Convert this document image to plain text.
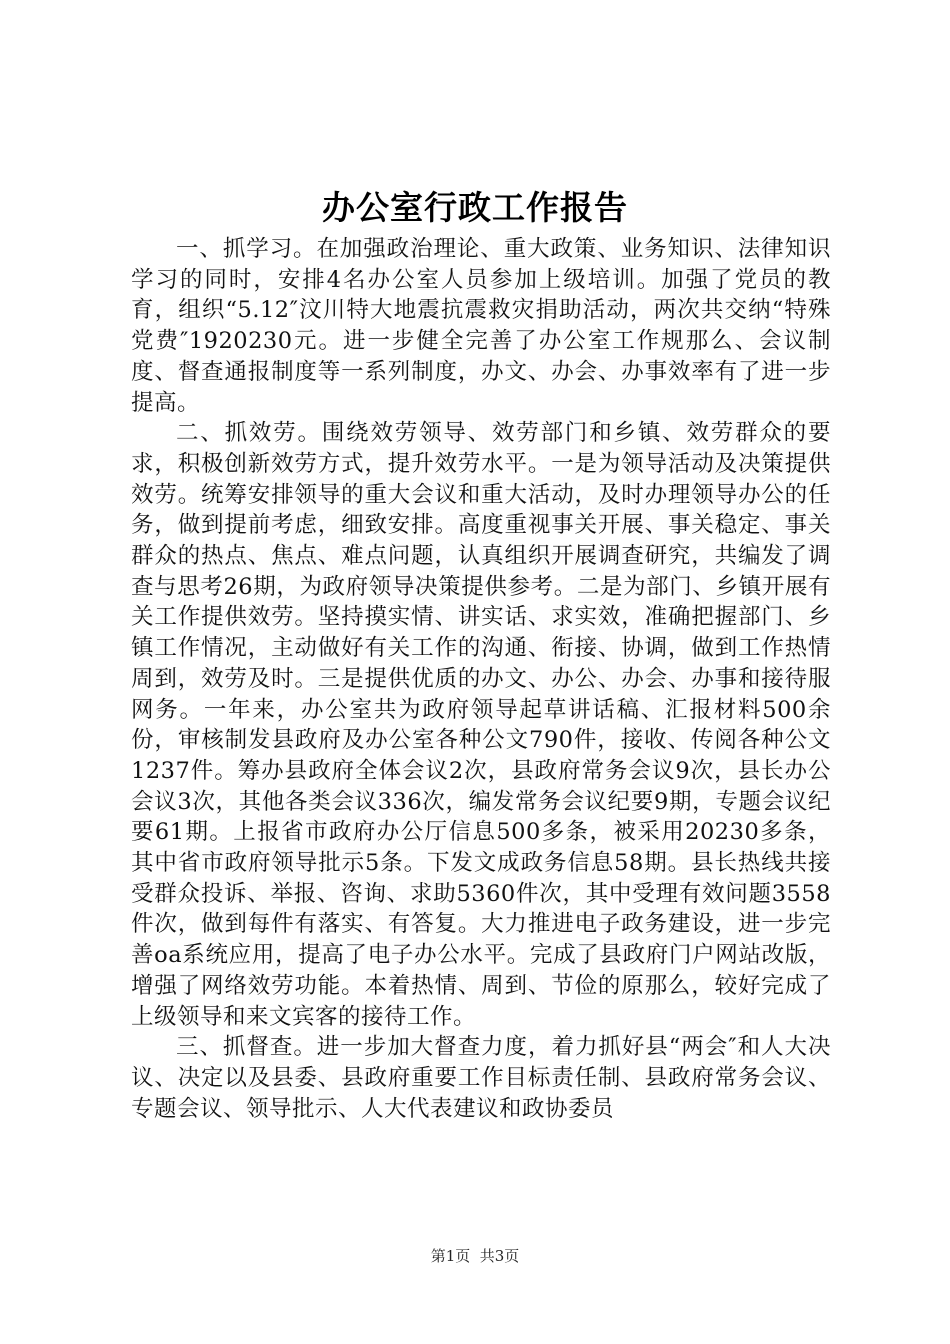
办公室行政工作报告

一、抓学习。在加强政治理论、重大政策、业务知识、法律知识学习的同时，安排4名办公室人员参加上级培训。加强了党员的教育，组织“5.12″汶川特大地震抗震救灾捐助活动，两次共交纳“特殊党费″1920230元。进一步健全完善了办公室工作规那么、会议制度、督查通报制度等一系列制度，办文、办会、办事效率有了进一步提高。

二、抓效劳。围绕效劳领导、效劳部门和乡镇、效劳群众的要求，积极创新效劳方式，提升效劳水平。一是为领导活动及决策提供效劳。统筹安排领导的重大会议和重大活动，及时办理领导办公的任务，做到提前考虑，细致安排。高度重视事关开展、事关稳定、事关群众的热点、焦点、难点问题，认真组织开展调查研究，共编发了调查与思考26期，为政府领导决策提供参考。二是为部门、乡镇开展有关工作提供效劳。坚持摸实情、讲实话、求实效，准确把握部门、乡镇工作情况，主动做好有关工作的沟通、衔接、协调，做到工作热情周到，效劳及时。三是提供优质的办文、办公、办会、办事和接待服网务。一年来，办公室共为政府领导起草讲话稿、汇报材料500余份，审核制发县政府及办公室各种公文790件，接收、传阅各种公文1237件。筹办县政府全体会议2次，县政府常务会议9次，县长办公会议3次，其他各类会议336次，编发常务会议纪要9期，专题会议纪要61期。上报省市政府办公厅信息500多条，被采用20230多条，其中省市政府领导批示5条。下发文成政务信息58期。县长热线共接受群众投诉、举报、咨询、求助5360件次，其中受理有效问题3558件次，做到每件有落实、有答复。大力推进电子政务建设，进一步完善oa系统应用，提高了电子办公水平。完成了县政府门户网站改版，增强了网络效劳功能。本着热情、周到、节俭的原那么，较好完成了上级领导和来文宾客的接待工作。

三、抓督查。进一步加大督查力度，着力抓好县“两会″和人大决议、决定以及县委、县政府重要工作目标责任制、县政府常务会议、专题会议、领导批示、人大代表建议和政协委员

第1页  共3页
